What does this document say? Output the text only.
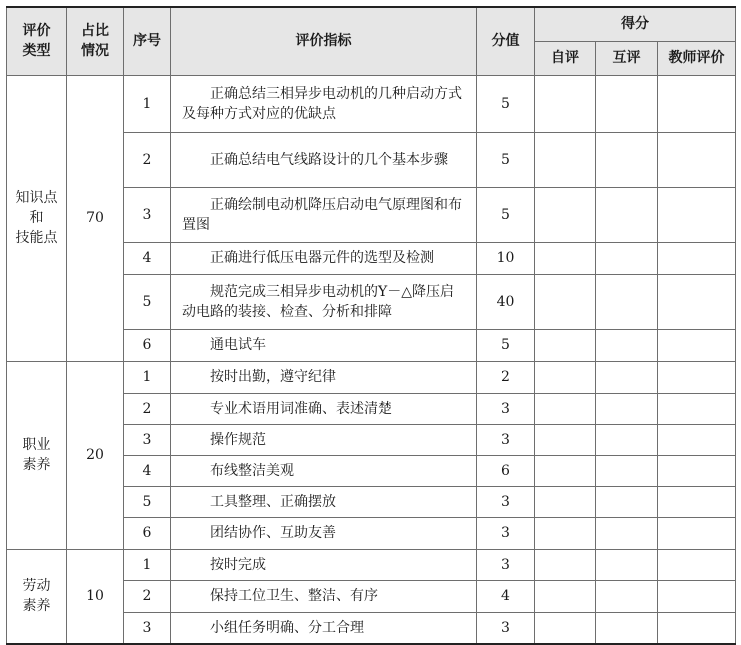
评价
类型	占比
情况	序号	评价指标	分值	得分		
					自评	互评	教师评价

知识点
和
技能点	70	1	正确总结三相异步电动机的几种启动方式及每种方式对应的优缺点	5			
		2	正确总结电气线路设计的几个基本步骤	5			
		3	正确绘制电动机降压启动电气原理图和布置图	5			
		4	正确进行低压电器元件的选型及检测	10			
		5	规范完成三相异步电动机的Y－△降压启动电路的装接、检查、分析和排障	40			
		6	通电试车	5			

职业
素养	20	1	按时出勤，遵守纪律	2			
		2	专业术语用词准确、表述清楚	3			
		3	操作规范	3			
		4	布线整洁美观	6			
		5	工具整理、正确摆放	3			
		6	团结协作、互助友善	3			

劳动
素养	10	1	按时完成	3			
		2	保持工位卫生、整洁、有序	4			
		3	小组任务明确、分工合理	3			
